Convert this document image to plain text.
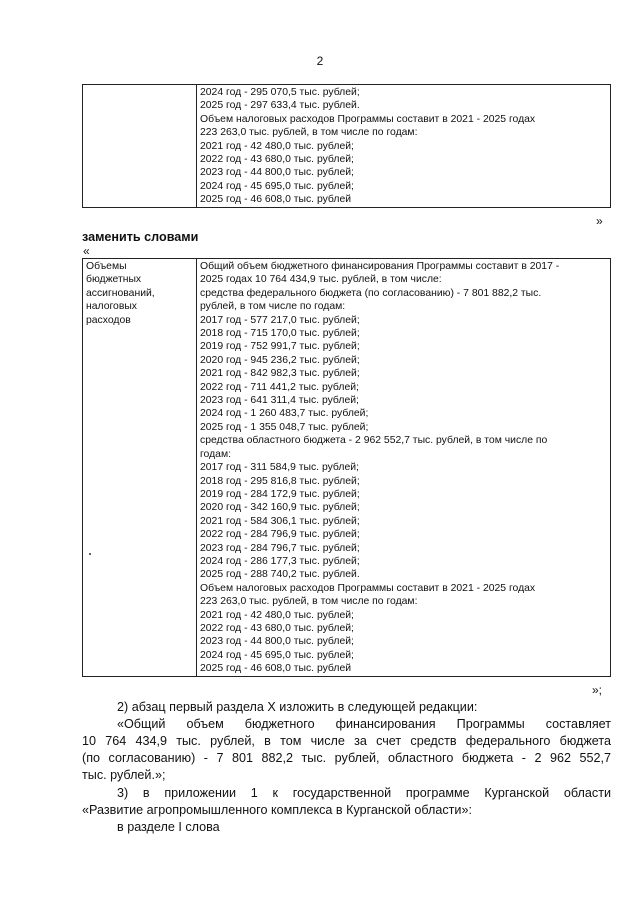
2

2024 год - 295 070,5 тыс. рублей;
2025 год - 297 633,4 тыс. рублей.
Объем налоговых расходов Программы составит в 2021 - 2025 годах
223 263,0 тыс. рублей, в том числе по годам:
2021 год - 42 480,0 тыс. рублей;
2022 год - 43 680,0 тыс. рублей;
2023 год - 44 800,0 тыс. рублей;
2024 год - 45 695,0 тыс. рублей;
2025 год - 46 608,0 тыс. рублей
»
заменить словами
«
Объемы
бюджетных
ассигнований,
налоговых
расходов

Общий объем бюджетного финансирования Программы составит в 2017 -
2025 годах 10 764 434,9 тыс. рублей, в том числе:
средства федерального бюджета (по согласованию) - 7 801 882,2 тыс.
рублей, в том числе по годам:
2017 год - 577 217,0 тыс. рублей;
2018 год - 715 170,0 тыс. рублей;
2019 год - 752 991,7 тыс. рублей;
2020 год - 945 236,2 тыс. рублей;
2021 год - 842 982,3 тыс. рублей;
2022 год - 711 441,2 тыс. рублей;
2023 год - 641 311,4 тыс. рублей;
2024 год - 1 260 483,7 тыс. рублей;
2025 год - 1 355 048,7 тыс. рублей;
средства областного бюджета - 2 962 552,7 тыс. рублей, в том числе по
годам:
2017 год - 311 584,9 тыс. рублей;
2018 год - 295 816,8 тыс. рублей;
2019 год - 284 172,9 тыс. рублей;
2020 год - 342 160,9 тыс. рублей;
2021 год - 584 306,1 тыс. рублей;
2022 год - 284 796,9 тыс. рублей;
2023 год - 284 796,7 тыс. рублей;
2024 год - 286 177,3 тыс. рублей;
2025 год - 288 740,2 тыс. рублей.
Объем налоговых расходов Программы составит в 2021 - 2025 годах
223 263,0 тыс. рублей, в том числе по годам:
2021 год - 42 480,0 тыс. рублей;
2022 год - 43 680,0 тыс. рублей;
2023 год - 44 800,0 тыс. рублей;
2024 год - 45 695,0 тыс. рублей;
2025 год - 46 608,0 тыс. рублей
»;
2) абзац первый раздела X изложить в следующей редакции:
«Общий объем бюджетного финансирования Программы составляет
10 764 434,9 тыс. рублей, в том числе за счет средств федерального бюджета
(по согласованию) - 7 801 882,2 тыс. рублей, областного бюджета - 2 962 552,7
тыс. рублей.»;
3) в приложении 1 к государственной программе Курганской области
«Развитие агропромышленного комплекса в Курганской области»:
в разделе I слова
